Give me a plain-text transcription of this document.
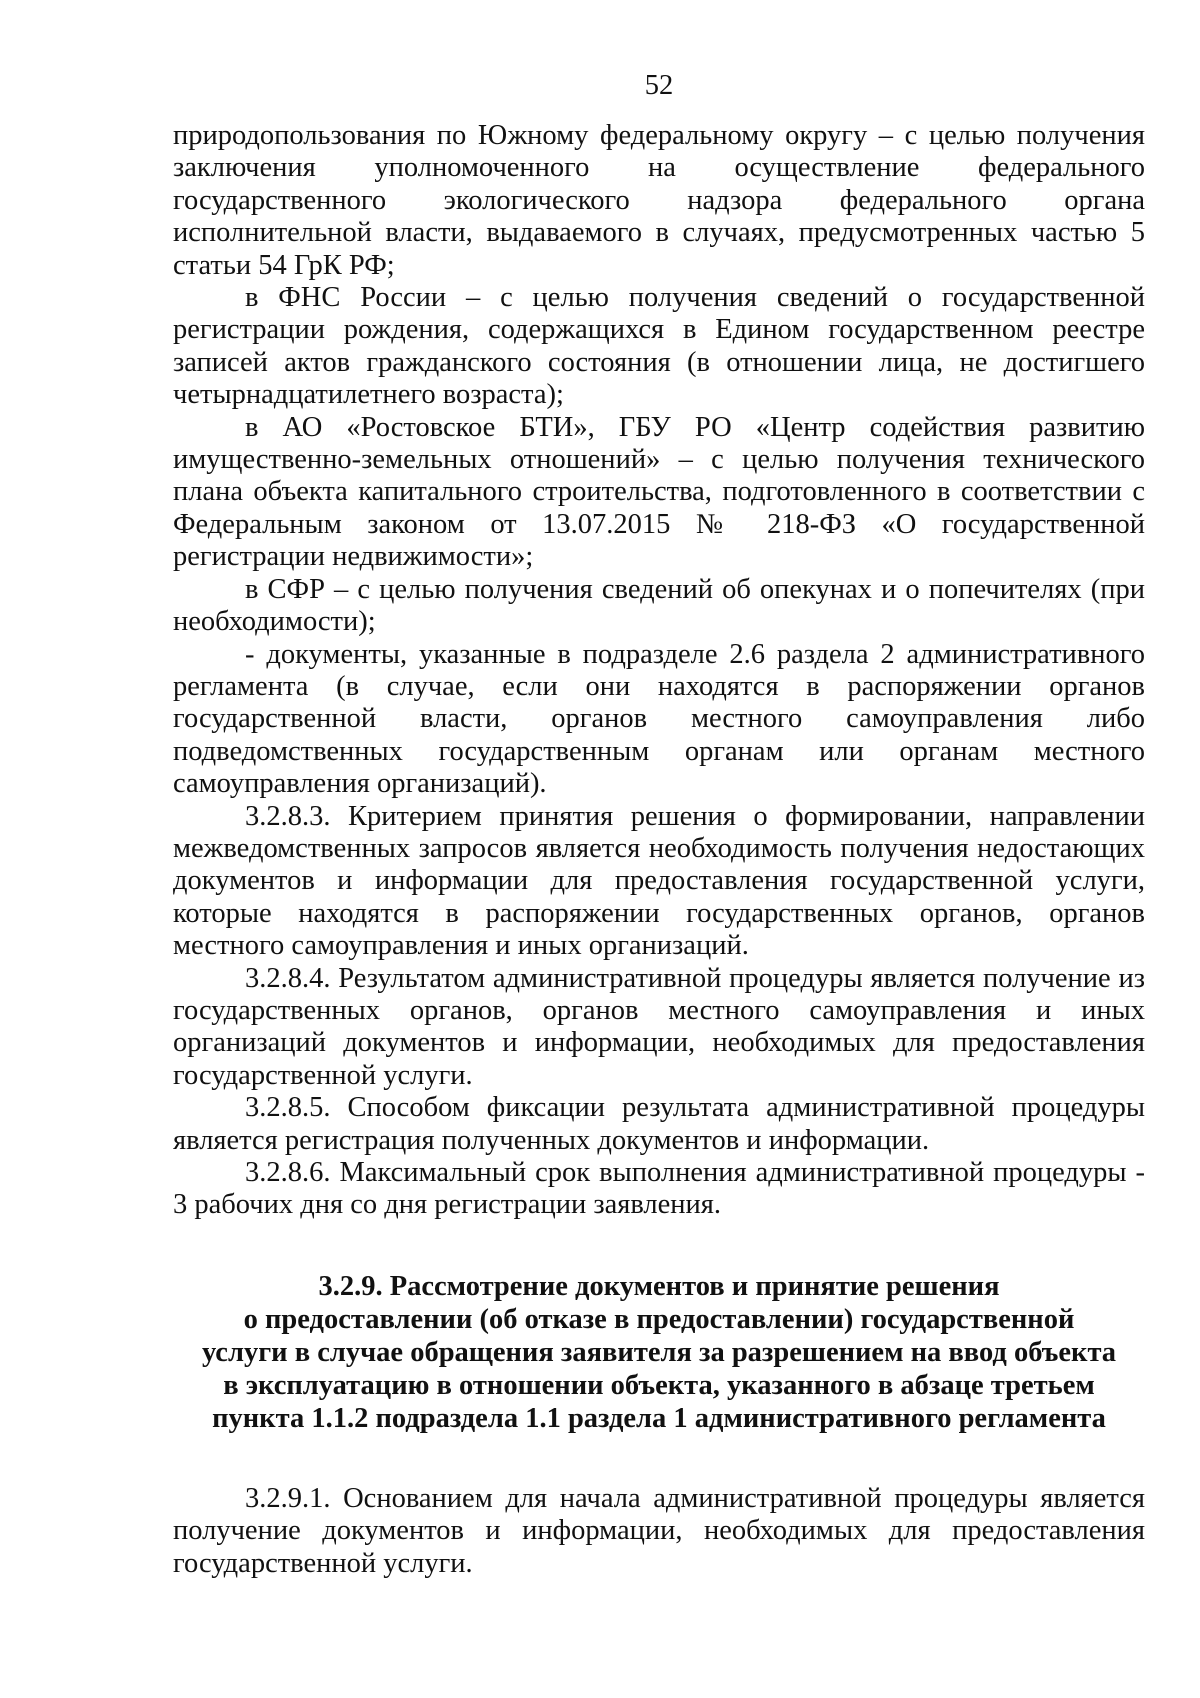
52

природопользования по Южному федеральному округу – с целью получения заключения уполномоченного на осуществление федерального государственного экологического надзора федерального органа исполнительной власти, выдаваемого в случаях, предусмотренных частью 5 статьи 54 ГрК РФ;

в ФНС России – с целью получения сведений о государственной регистрации рождения, содержащихся в Едином государственном реестре записей актов гражданского состояния (в отношении лица, не достигшего четырнадцатилетнего возраста);

в АО «Ростовское БТИ», ГБУ РО «Центр содействия развитию имущественно-земельных отношений» – с целью получения технического плана объекта капитального строительства, подготовленного в соответствии с Федеральным законом от 13.07.2015 № 218-ФЗ «О государственной регистрации недвижимости»;

в СФР – с целью получения сведений об опекунах и о попечителях (при необходимости);

- документы, указанные в подразделе 2.6 раздела 2 административного регламента (в случае, если они находятся в распоряжении органов государственной власти, органов местного самоуправления либо подведомственных государственным органам или органам местного самоуправления организаций).

3.2.8.3. Критерием принятия решения о формировании, направлении межведомственных запросов является необходимость получения недостающих документов и информации для предоставления государственной услуги, которые находятся в распоряжении государственных органов, органов местного самоуправления и иных организаций.

3.2.8.4. Результатом административной процедуры является получение из государственных органов, органов местного самоуправления и иных организаций документов и информации, необходимых для предоставления государственной услуги.

3.2.8.5. Способом фиксации результата административной процедуры является регистрация полученных документов и информации.

3.2.8.6. Максимальный срок выполнения административной процедуры - 3 рабочих дня со дня регистрации заявления.

3.2.9. Рассмотрение документов и принятие решения
о предоставлении (об отказе в предоставлении) государственной
услуги в случае обращения заявителя за разрешением на ввод объекта
в эксплуатацию в отношении объекта, указанного в абзаце третьем
пункта 1.1.2 подраздела 1.1 раздела 1 административного регламента

3.2.9.1. Основанием для начала административной процедуры является получение документов и информации, необходимых для предоставления государственной услуги.
